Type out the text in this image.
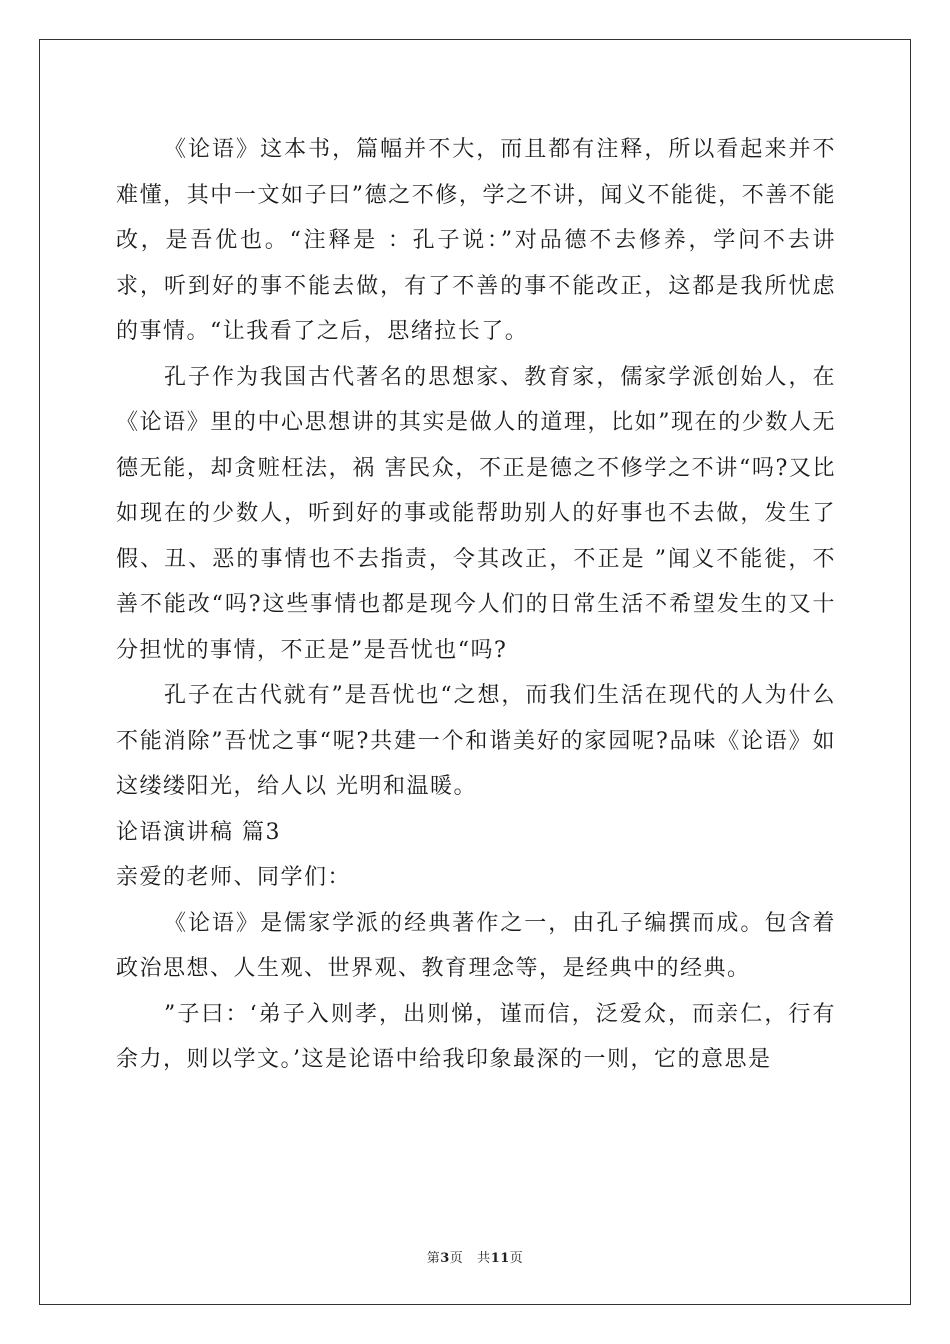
《论语》这本书，篇幅并不大，而且都有注释，所以看起来并不难懂，其中一文如子曰”德之不修，学之不讲，闻义不能徙，不善不能改，是吾优也。“注释是 ：孔子说：”对品德不去修养，学问不去讲求，听到好的事不能去做，有了不善的事不能改正，这都是我所忧虑的事情。“让我看了之后，思绪拉长了。

孔子作为我国古代著名的思想家、教育家，儒家学派创始人，在《论语》里的中心思想讲的其实是做人的道理，比如”现在的少数人无德无能，却贪赃枉法，祸 害民众，不正是德之不修学之不讲“吗?又比如现在的少数人，听到好的事或能帮助别人的好事也不去做，发生了假、丑、恶的事情也不去指责，令其改正，不正是 ”闻义不能徙，不善不能改“吗?这些事情也都是现今人们的日常生活不希望发生的又十分担忧的事情，不正是”是吾忧也“吗?

孔子在古代就有”是吾忧也“之想，而我们生活在现代的人为什么不能消除”吾忧之事“呢?共建一个和谐美好的家园呢?品味《论语》如这缕缕阳光，给人以 光明和温暖。

论语演讲稿 篇3

亲爱的老师、同学们：

《论语》是儒家学派的经典著作之一，由孔子编撰而成。包含着政治思想、人生观、世界观、教育理念等，是经典中的经典。

”子曰：‘弟子入则孝，出则悌，谨而信，泛爱众，而亲仁，行有余力，则以学文。’这是论语中给我印象最深的一则，它的意思是

第3页 共11页
